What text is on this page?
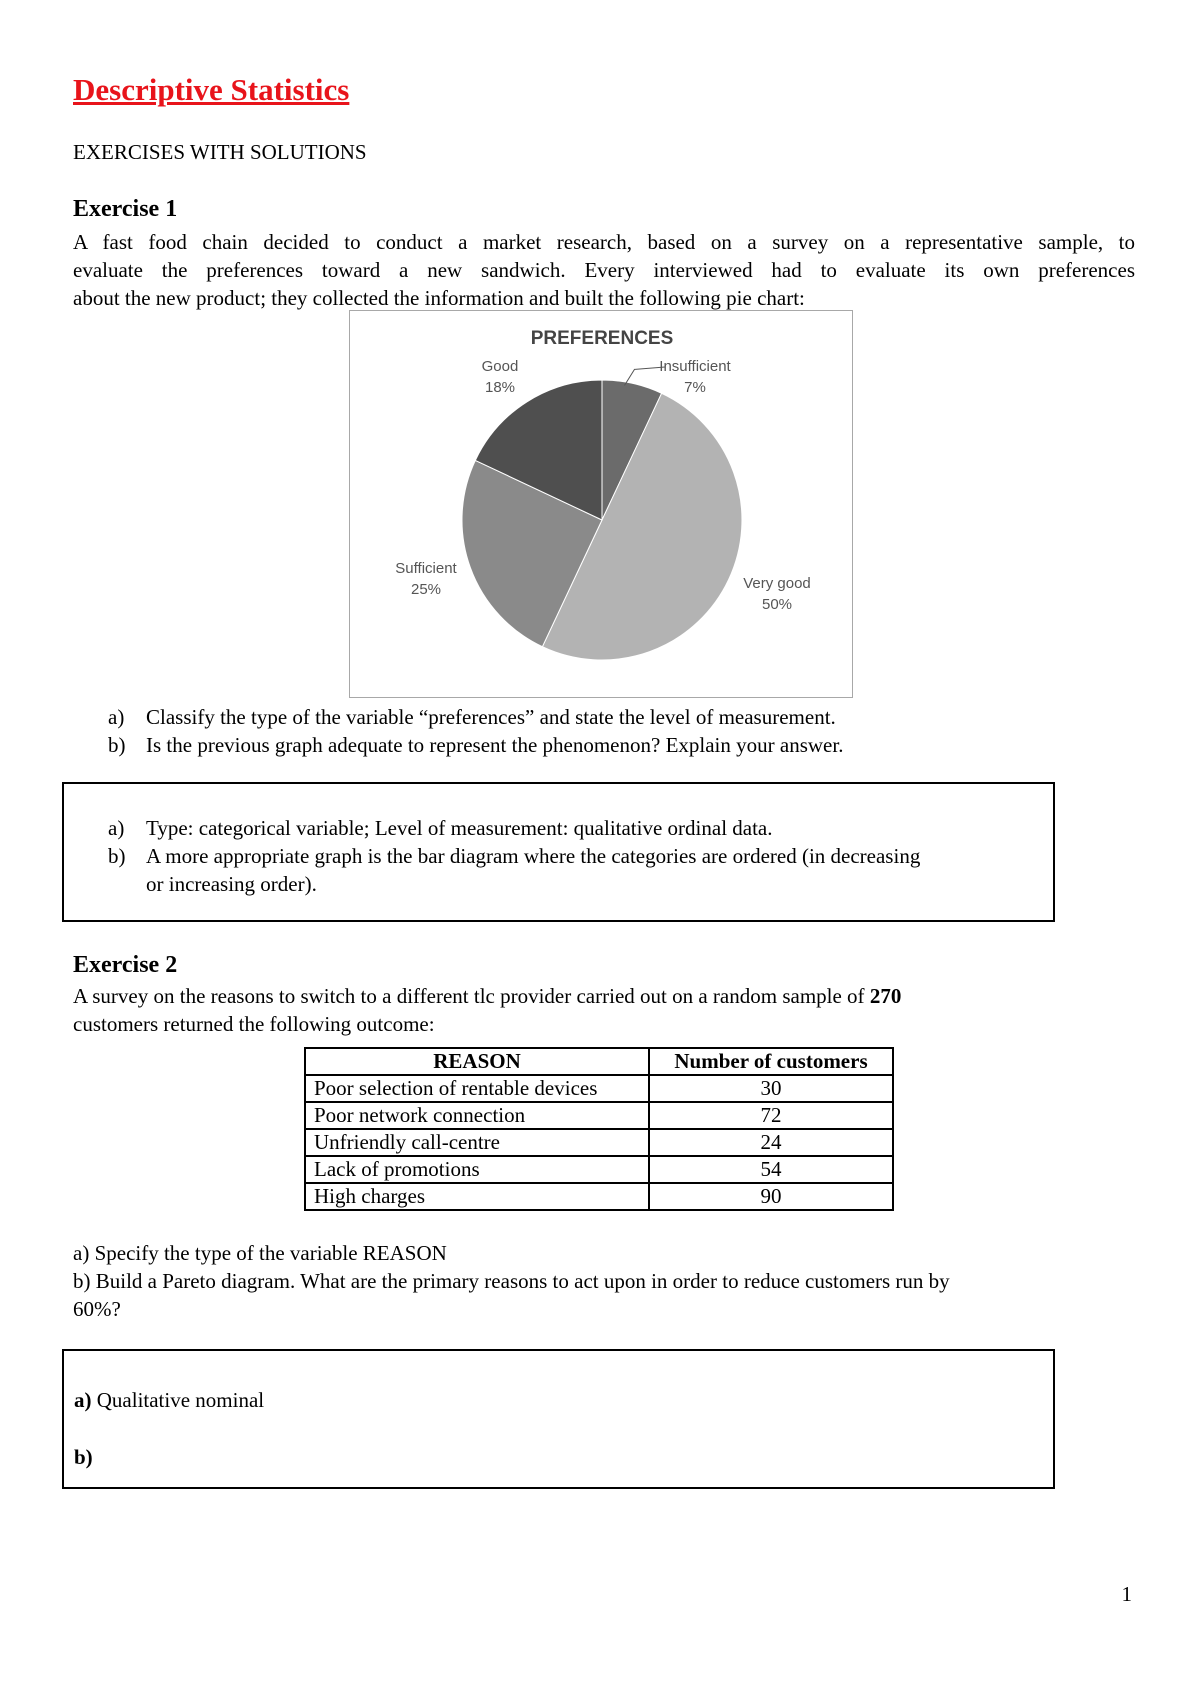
Descriptive Statistics
EXERCISES WITH SOLUTIONS
Exercise 1
A fast food chain decided to conduct a market research, based on a survey on a representative sample, to
evaluate the preferences toward a new sandwich. Every interviewed had to evaluate its own preferences
about the new product; they collected the information and built the following pie chart:
PREFERENCES
Insufficient
7%
Very good
50%
Sufficient
25%
Good
18%
a) Classify the type of the variable “preferences” and state the level of measurement.
b) Is the previous graph adequate to represent the phenomenon? Explain your answer.
a) Type: categorical variable; Level of measurement: qualitative ordinal data.
b) A more appropriate graph is the bar diagram where the categories are ordered (in decreasing or increasing order).
Exercise 2
A survey on the reasons to switch to a different tlc provider carried out on a random sample of 270
customers returned the following outcome:
REASON	Number of customers
Poor selection of rentable devices	30
Poor network connection	72
Unfriendly call-centre	24
Lack of promotions	54
High charges	90
a) Specify the type of the variable REASON
b) Build a Pareto diagram. What are the primary reasons to act upon in order to reduce customers run by
60%?
a) Qualitative nominal
b)
1
